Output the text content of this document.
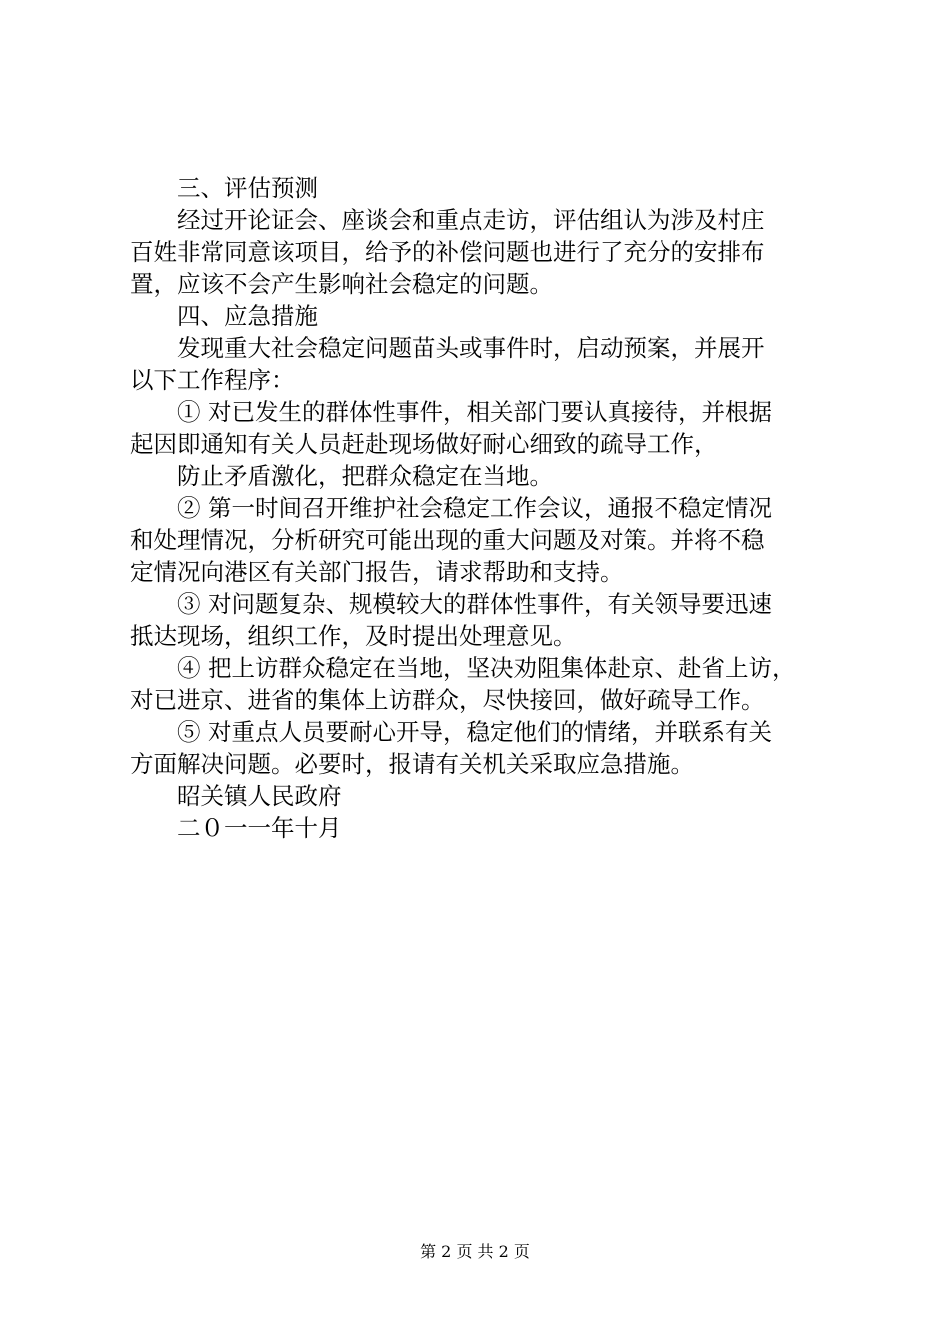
三、评估预测

经过开论证会、座谈会和重点走访，评估组认为涉及村庄
百姓非常同意该项目，给予的补偿问题也进行了充分的安排布
置，应该不会产生影响社会稳定的问题。

四、应急措施

发现重大社会稳定问题苗头或事件时，启动预案，并展开
以下工作程序：

① 对已发生的群体性事件，相关部门要认真接待，并根据
起因即通知有关人员赶赴现场做好耐心细致的疏导工作，

防止矛盾激化，把群众稳定在当地。

② 第一时间召开维护社会稳定工作会议，通报不稳定情况
和处理情况，分析研究可能出现的重大问题及对策。并将不稳
定情况向港区有关部门报告，请求帮助和支持。

③ 对问题复杂、规模较大的群体性事件，有关领导要迅速
抵达现场，组织工作，及时提出处理意见。

④ 把上访群众稳定在当地，坚决劝阻集体赴京、赴省上访，
对已进京、进省的集体上访群众，尽快接回，做好疏导工作。

⑤ 对重点人员要耐心开导，稳定他们的情绪，并联系有关
方面解决问题。必要时，报请有关机关采取应急措施。

昭关镇人民政府

二０一一年十月

第 2 页 共 2 页
